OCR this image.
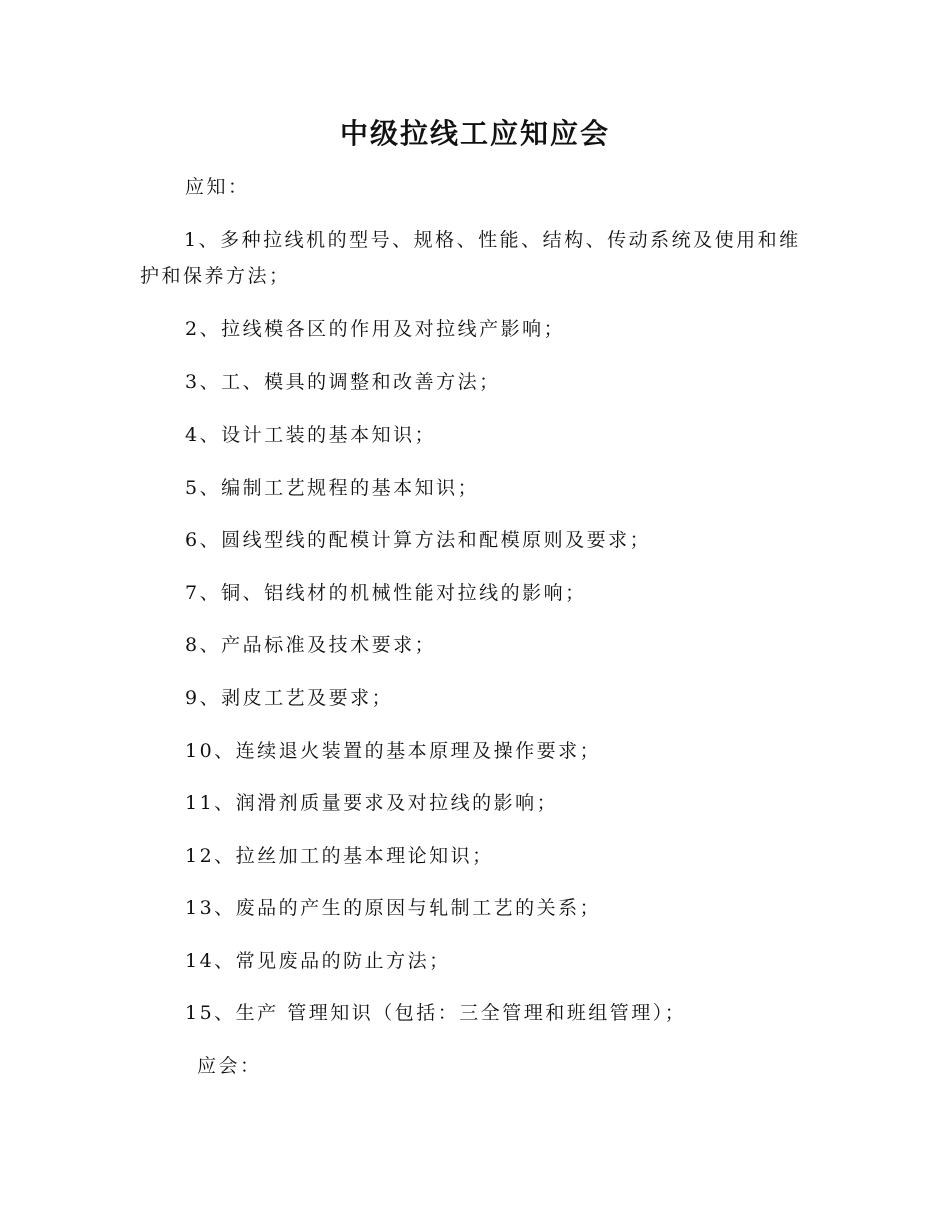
中级拉线工应知应会

应知：

1、多种拉线机的型号、规格、性能、结构、传动系统及使用和维护和保养方法；

2、拉线模各区的作用及对拉线产影响；

3、工、模具的调整和改善方法；

4、设计工装的基本知识；

5、编制工艺规程的基本知识；

6、圆线型线的配模计算方法和配模原则及要求；

7、铜、铝线材的机械性能对拉线的影响；

8、产品标准及技术要求；

9、剥皮工艺及要求；

10、连续退火装置的基本原理及操作要求；

11、润滑剂质量要求及对拉线的影响；

12、拉丝加工的基本理论知识；

13、废品的产生的原因与轧制工艺的关系；

14、常见废品的防止方法；

15、生产 管理知识（包括：三全管理和班组管理）；

应会：
